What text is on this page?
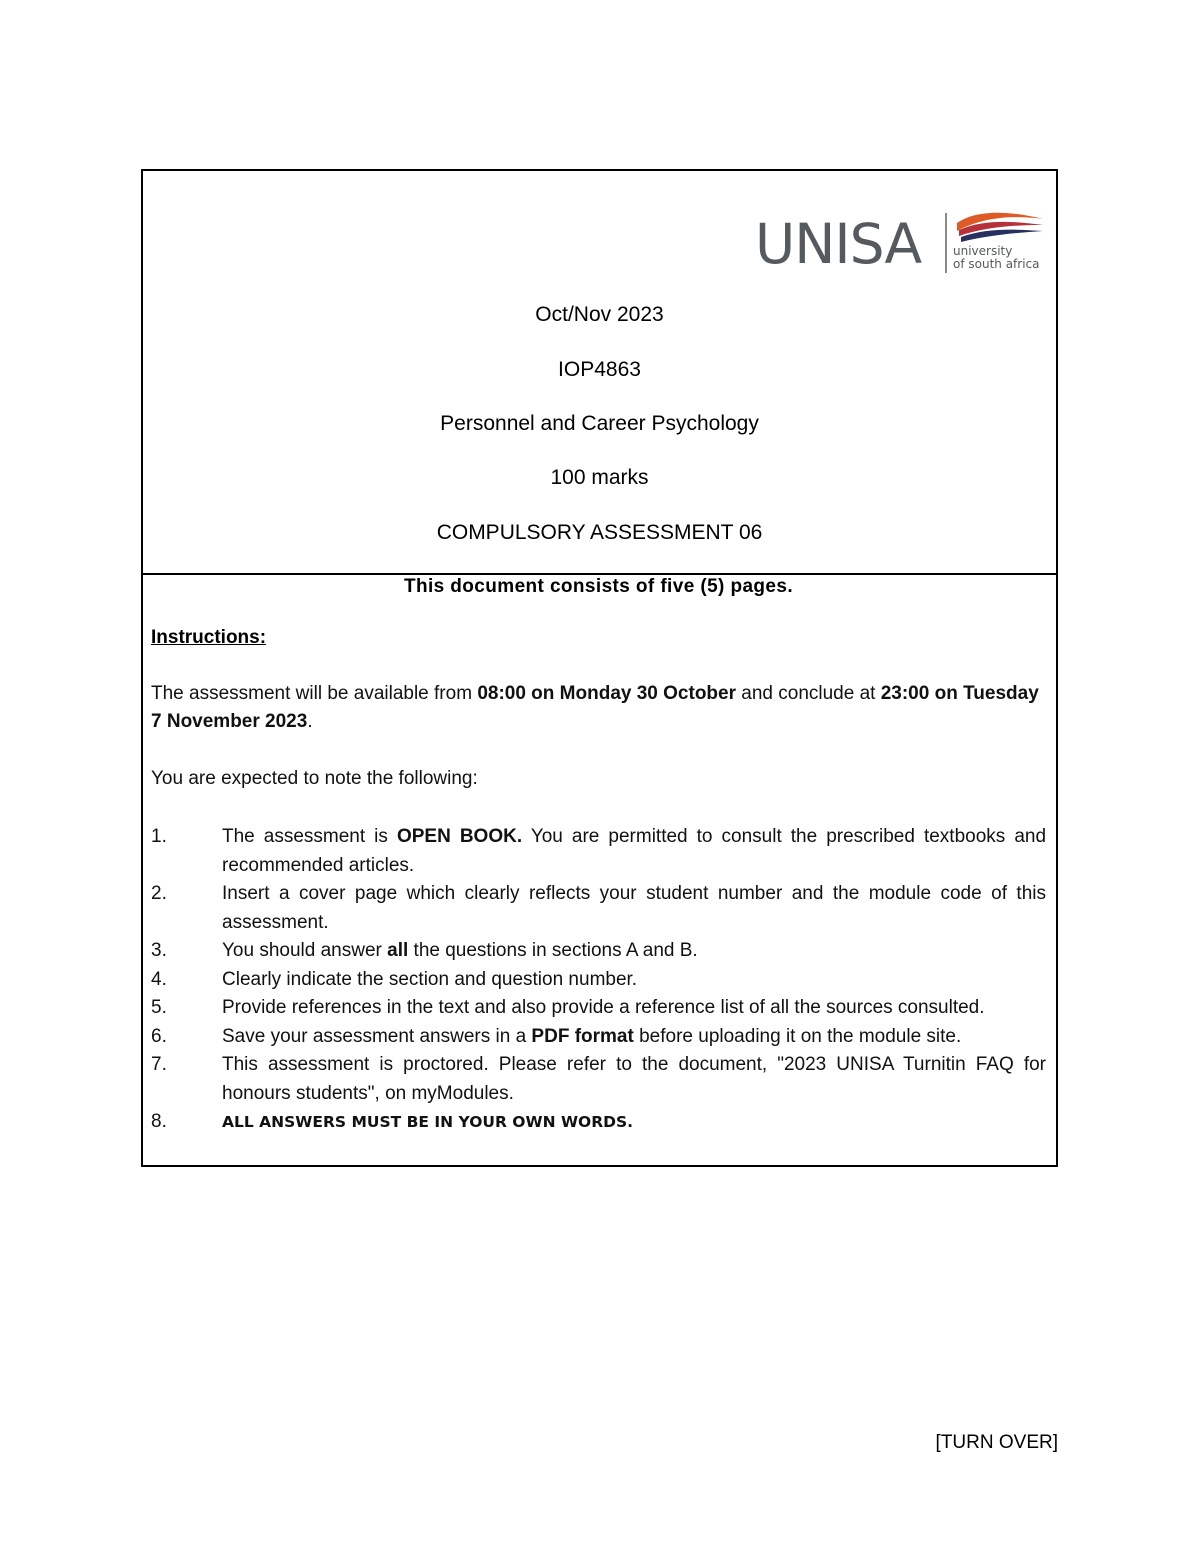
UNISA	university
of south africa
Oct/Nov 2023
IOP4863
Personnel and Career Psychology
100 marks
COMPULSORY ASSESSMENT 06
This document consists of five (5) pages.
Instructions:
The assessment will be available from 08:00 on Monday 30 October and conclude at 23:00 on Tuesday 7 November 2023.
You are expected to note the following:
1.	The assessment is OPEN BOOK. You are permitted to consult the prescribed textbooks and recommended articles.
2.	Insert a cover page which clearly reflects your student number and the module code of this assessment.
3.	You should answer all the questions in sections A and B.
4.	Clearly indicate the section and question number.
5.	Provide references in the text and also provide a reference list of all the sources consulted.
6.	Save your assessment answers in a PDF format before uploading it on the module site.
7.	This assessment is proctored. Please refer to the document, "2023 UNISA Turnitin FAQ for honours students", on myModules.
8.	ALL ANSWERS MUST BE IN YOUR OWN WORDS.
[TURN OVER]
